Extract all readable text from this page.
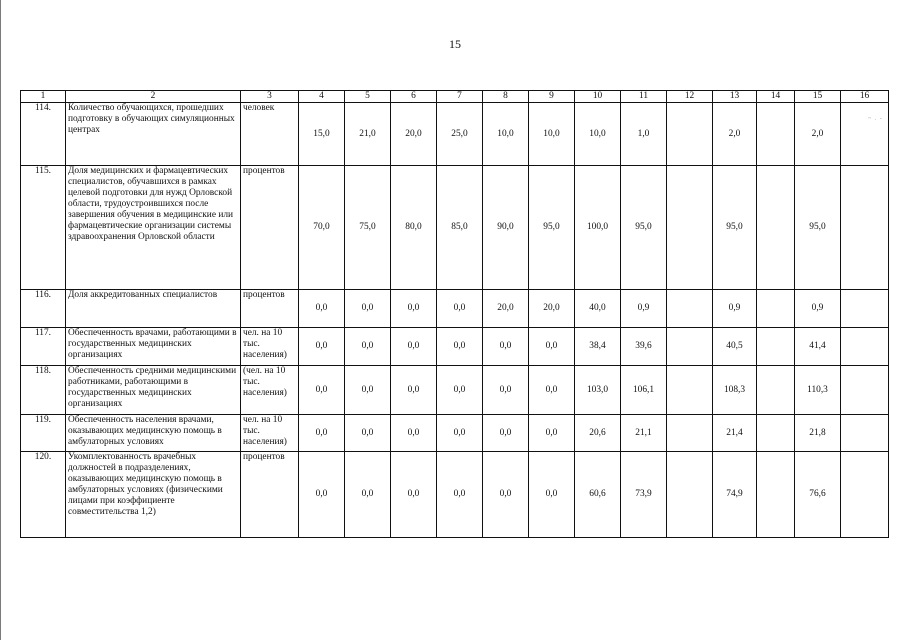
15
~ . -
1	2	3	4	5	6	7	8	9	10	11	12	13	14	15	16
114.	Количество обучающихся, прошедших подготовку в обучающих симуляционных центрах	человек	15,0	21,0	20,0	25,0	10,0	10,0	10,0	1,0		2,0		2,0	
115.	Доля медицинских и фармацевтических специалистов, обучавшихся в рамках целевой подготовки для нужд Орловской области, трудоустроившихся после завершения обучения в медицинские или фармацевтические организации системы здравоохранения Орловской области	процентов	70,0	75,0	80,0	85,0	90,0	95,0	100,0	95,0		95,0		95,0	
116.	Доля аккредитованных специалистов	процентов	0,0	0,0	0,0	0,0	20,0	20,0	40,0	0,9		0,9		0,9	
117.	Обеспеченность врачами, работающими в государственных медицинских организациях	чел. на 10 тыс. населения)	0,0	0,0	0,0	0,0	0,0	0,0	38,4	39,6		40,5		41,4	
118.	Обеспеченность средними медицинскими работниками, работающими в государственных медицинских организациях	(чел. на 10 тыс. населения)	0,0	0,0	0,0	0,0	0,0	0,0	103,0	106,1		108,3		110,3	
119.	Обеспеченность населения врачами, оказывающих медицинскую помощь в амбулаторных условиях	чел. на 10 тыс. населения)	0,0	0,0	0,0	0,0	0,0	0,0	20,6	21,1		21,4		21,8	
120.	Укомплектованность врачебных должностей в подразделениях, оказывающих медицинскую помощь в амбулаторных условиях (физическими лицами при коэффициенте совместительства 1,2)	процентов	0,0	0,0	0,0	0,0	0,0	0,0	60,6	73,9		74,9		76,6	
